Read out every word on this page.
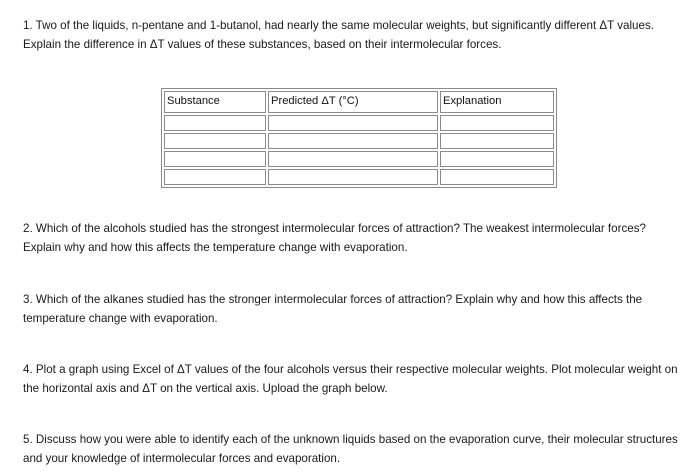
1. Two of the liquids, n-pentane and 1-butanol, had nearly the same molecular weights, but significantly different ΔT values. Explain the difference in ΔT values of these substances, based on their intermolecular forces.

Substance	Predicted ΔT (°C)	Explanation

2. Which of the alcohols studied has the strongest intermolecular forces of attraction? The weakest intermolecular forces? Explain why and how this affects the temperature change with evaporation.

3. Which of the alkanes studied has the stronger intermolecular forces of attraction? Explain why and how this affects the temperature change with evaporation.

4. Plot a graph using Excel of ΔT values of the four alcohols versus their respective molecular weights. Plot molecular weight on the horizontal axis and ΔT on the vertical axis. Upload the graph below.

5. Discuss how you were able to identify each of the unknown liquids based on the evaporation curve, their molecular structures and your knowledge of intermolecular forces and evaporation.
